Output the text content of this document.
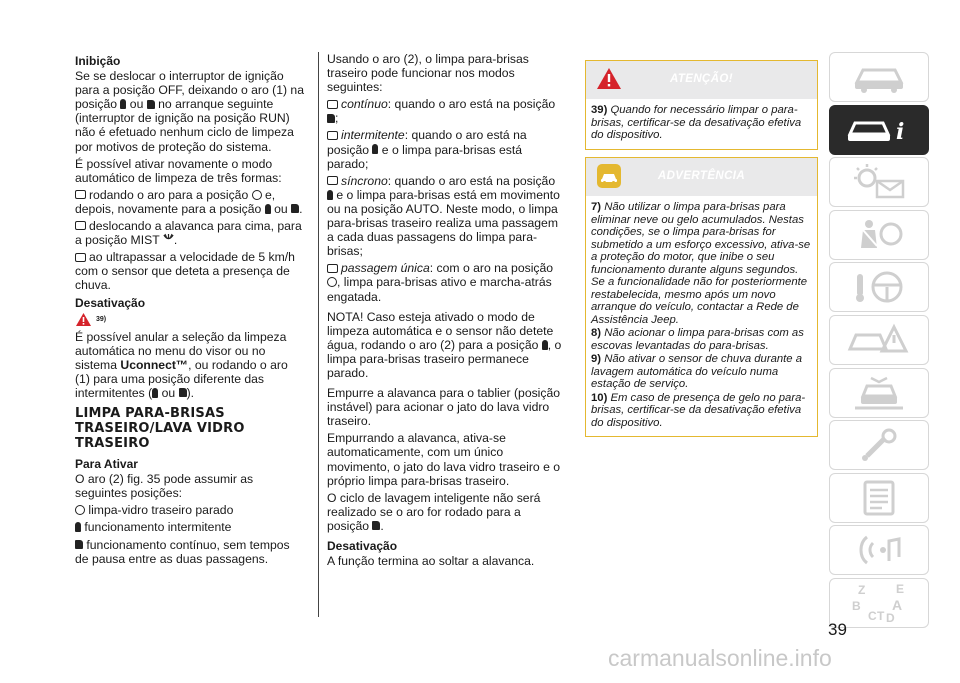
Inibição

Se se deslocar o interruptor de ignição para a posição OFF, deixando o aro (1) na posição  ou  no arranque seguinte (interruptor de ignição na posição RUN) não é efetuado nenhum ciclo de limpeza por motivos de proteção do sistema.

É possível ativar novamente o modo automático de limpeza de três formas:

rodando o aro para a posição  e, depois, novamente para a posição  ou .

deslocando a alavanca para cima, para a posição MIST .

ao ultrapassar a velocidade de 5 km/h com o sensor que deteta a presença de chuva.

Desativação
39)

É possível anular a seleção da limpeza automática no menu do visor ou no sistema Uconnect™, ou rodando o aro (1) para uma posição diferente das intermitentes ( ou ).

LIMPA PARA-BRISAS TRASEIRO/LAVA VIDRO TRASEIRO
Para Ativar

O aro (2) fig. 35 pode assumir as seguintes posições:

limpa-vidro traseiro parado

funcionamento intermitente

funcionamento contínuo, sem tempos de pausa entre as duas passagens.

Usando o aro (2), o limpa para-brisas traseiro pode funcionar nos modos seguintes:

contínuo: quando o aro está na posição ;

intermitente: quando o aro está na posição  e o limpa para-brisas está parado;

síncrono: quando o aro está na posição  e o limpa para-brisas está em movimento ou na posição AUTO. Neste modo, o limpa para-brisas traseiro realiza uma passagem a cada duas passagens do limpa para-brisas;

passagem única: com o aro na posição , limpa para-brisas ativo e marcha-atrás engatada.

NOTA! Caso esteja ativado o modo de limpeza automática e o sensor não detete água, rodando o aro (2) para a posição , o limpa para-brisas traseiro permanece parado.

Empurre a alavanca para o tablier (posição instável) para acionar o jato do lava vidro traseiro.

Empurrando a alavanca, ativa-se automaticamente, com um único movimento, o jato do lava vidro traseiro e o próprio limpa para-brisas traseiro.

O ciclo de lavagem inteligente não será realizado se o aro for rodado para a posição .

Desativação

A função termina ao soltar a alavanca.

ATENÇÃO!

39) Quando for necessário limpar o para-brisas, certificar-se da desativação efetiva do dispositivo.

ADVERTÊNCIA

7) Não utilizar o limpa para-brisas para eliminar neve ou gelo acumulados. Nestas condições, se o limpa para-brisas for submetido a um esforço excessivo, ativa-se a proteção do motor, que inibe o seu funcionamento durante alguns segundos. Se a funcionalidade não for posteriormente restabelecida, mesmo após um novo arranque do veículo, contactar a Rede de Assistência Jeep.

8) Não acionar o limpa para-brisas com as escovas levantadas do para-brisas.

9) Não ativar o sensor de chuva durante a lavagem automática do veículo numa estação de serviço.

10) Em caso de presença de gelo no para-brisas, certificar-se da desativação efetiva do dispositivo.

i
Z	E
B A
C D
T
39
carmanualsonline.info
